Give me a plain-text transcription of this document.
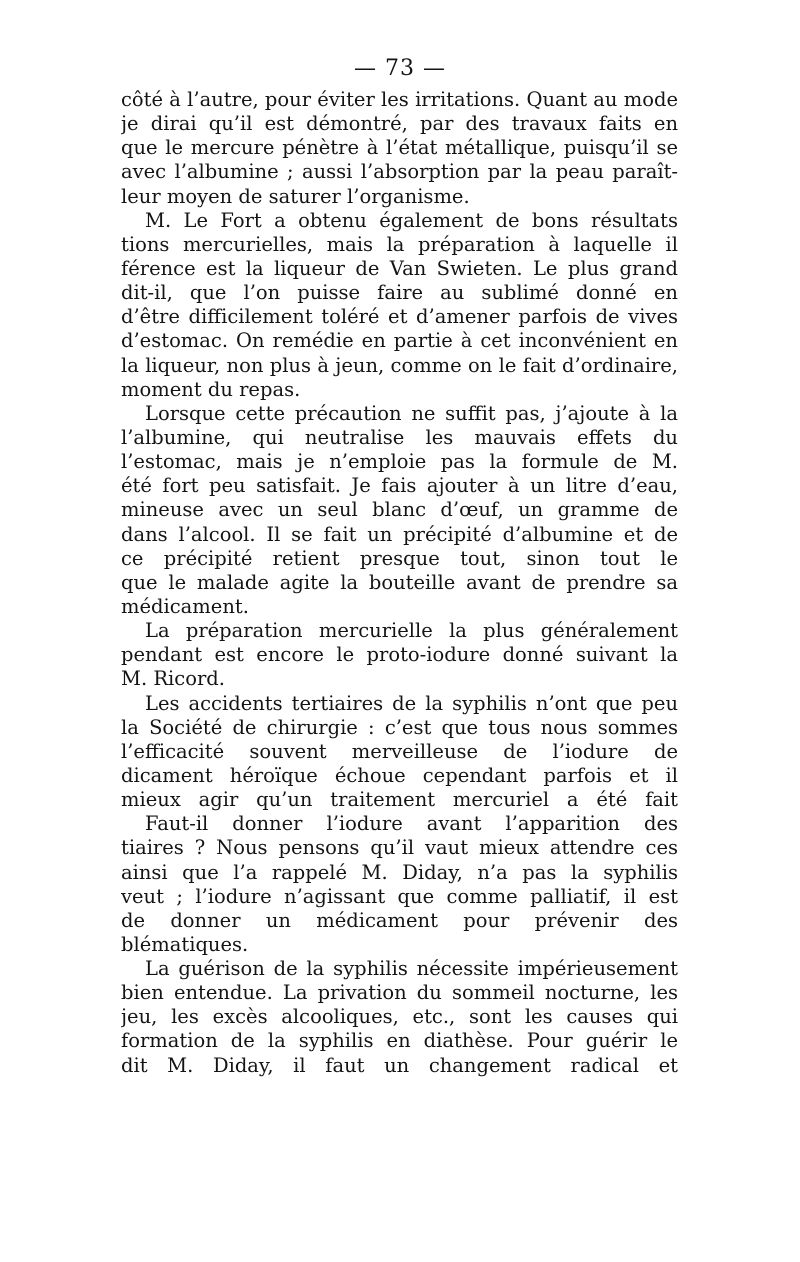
— 73 —
côté à l’autre, pour éviter les irritations. Quant au mode
je dirai qu’il est démontré, par des travaux faits en
que le mercure pénètre à l’état métallique, puisqu’il se
avec l’albumine ; aussi l’absorption par la peau paraît-
leur moyen de saturer l’organisme.
M. Le Fort a obtenu également de bons résultats
tions mercurielles, mais la préparation à laquelle il
férence est la liqueur de Van Swieten. Le plus grand
dit-il, que l’on puisse faire au sublimé donné en
d’être difficilement toléré et d’amener parfois de vives
d’estomac. On remédie en partie à cet inconvénient en
la liqueur, non plus à jeun, comme on le fait d’ordinaire,
moment du repas.
Lorsque cette précaution ne suffit pas, j’ajoute à la
l’albumine, qui neutralise les mauvais effets du
l’estomac, mais je n’emploie pas la formule de M.
été fort peu satisfait. Je fais ajouter à un litre d’eau,
mineuse avec un seul blanc d’œuf, un gramme de
dans l’alcool. Il se fait un précipité d’albumine et de
ce précipité retient presque tout, sinon tout le
que le malade agite la bouteille avant de prendre sa
médicament.
La préparation mercurielle la plus généralement
pendant est encore le proto-iodure donné suivant la
M. Ricord.
Les accidents tertiaires de la syphilis n’ont que peu
la Société de chirurgie : c’est que tous nous sommes
l’efficacité souvent merveilleuse de l’iodure de
dicament héroïque échoue cependant parfois et il
mieux agir qu’un traitement mercuriel a été fait
Faut-il donner l’iodure avant l’apparition des
tiaires ? Nous pensons qu’il vaut mieux attendre ces
ainsi que l’a rappelé M. Diday, n’a pas la syphilis
veut ; l’iodure n’agissant que comme palliatif, il est
de donner un médicament pour prévenir des
blématiques.
La guérison de la syphilis nécessite impérieusement
bien entendue. La privation du sommeil nocturne, les
jeu, les excès alcooliques, etc., sont les causes qui
formation de la syphilis en diathèse. Pour guérir le
dit M. Diday, il faut un changement radical et
